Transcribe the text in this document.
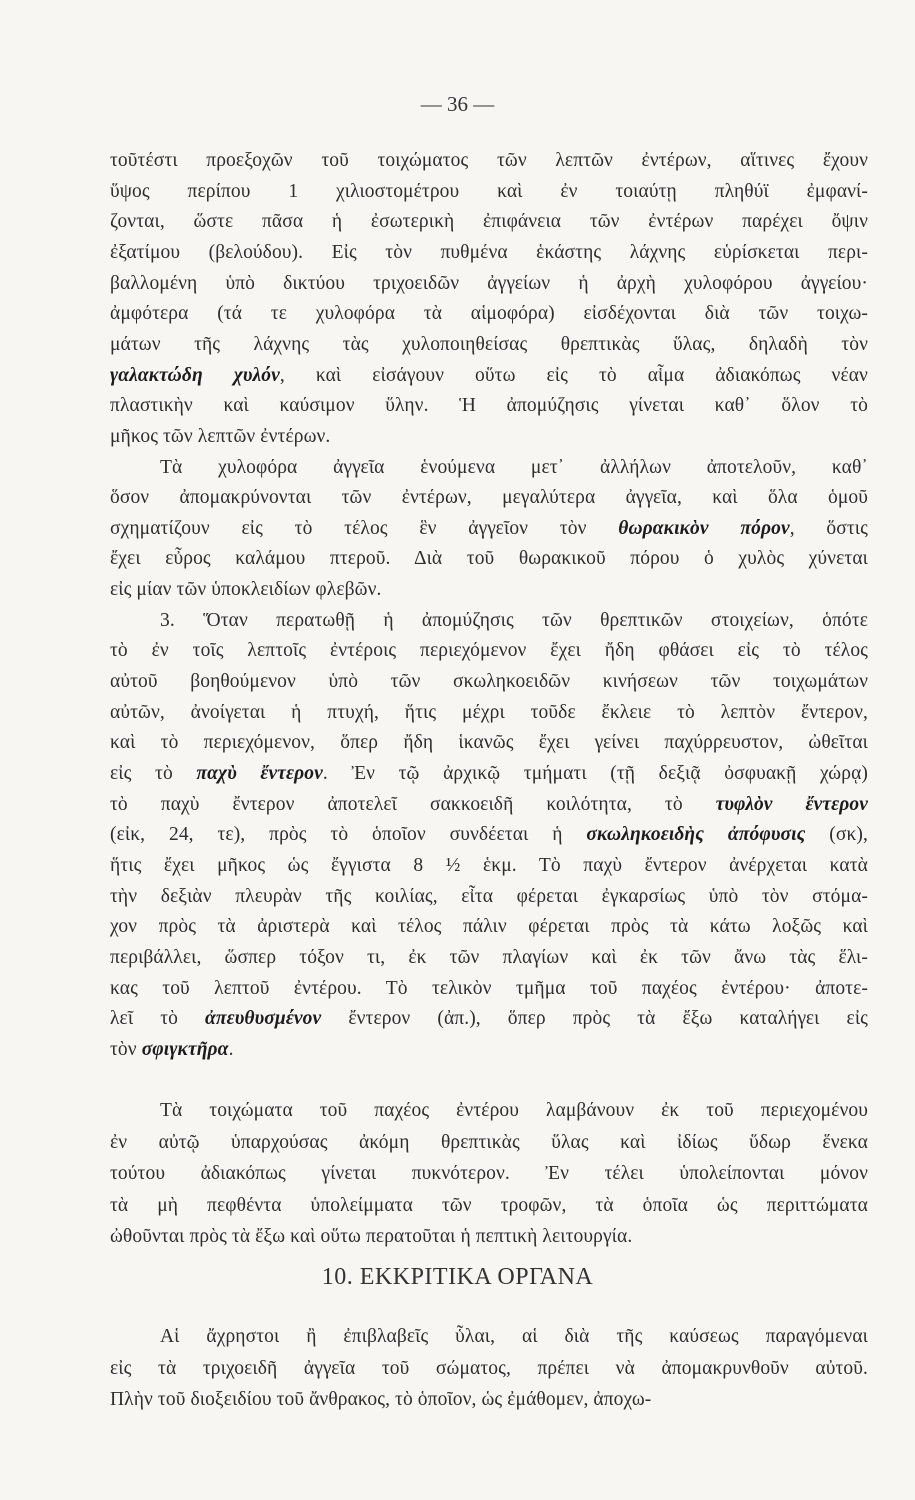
— 36 —
τοῦτέστι προεξοχῶν τοῦ τοιχώματος τῶν λεπτῶν ἐντέρων, αἵτινες ἔχουν
ὕψος περίπου 1 χιλιοστομέτρου καὶ ἐν τοιαύτῃ πληθύϊ ἐμφανί-
ζονται, ὥστε πᾶσα ἡ ἐσωτερικὴ ἐπιφάνεια τῶν ἐντέρων παρέχει ὄψιν
ἐξατίμου (βελούδου). Εἰς τὸν πυθμένα ἑκάστης λάχνης εὑρίσκεται περι-
βαλλομένη ὑπὸ δικτύου τριχοειδῶν ἀγγείων ἡ ἀρχὴ χυλοφόρου ἀγγείου·
ἀμφότερα (τά τε χυλοφόρα τὰ αἱμοφόρα) εἰσδέχονται διὰ τῶν τοιχω-
μάτων τῆς λάχνης τὰς χυλοποιηθείσας θρεπτικὰς ὕλας, δηλαδὴ τὸν
γαλακτώδη χυλόν, καὶ εἰσάγουν οὕτω εἰς τὸ αἷμα ἀδιακόπως νέαν
πλαστικὴν καὶ καύσιμον ὕλην. Ἡ ἀπομύζησις γίνεται καθ᾽ ὅλον τὸ
μῆκος τῶν λεπτῶν ἐντέρων.
Τὰ χυλοφόρα ἀγγεῖα ἑνούμενα μετ᾽ ἀλλήλων ἀποτελοῦν, καθ᾽
ὅσον ἀπομακρύνονται τῶν ἐντέρων, μεγαλύτερα ἀγγεῖα, καὶ ὅλα ὁμοῦ
σχηματίζουν εἰς τὸ τέλος ἓν ἀγγεῖον τὸν θωρακικὸν πόρον, ὅστις
ἔχει εὖρος καλάμου πτεροῦ. Διὰ τοῦ θωρακικοῦ πόρου ὁ χυλὸς χύνεται
εἰς μίαν τῶν ὑποκλειδίων φλεβῶν.
3. Ὅταν περατωθῇ ἡ ἀπομύζησις τῶν θρεπτικῶν στοιχείων, ὁπότε
τὸ ἐν τοῖς λεπτοῖς ἐντέροις περιεχόμενον ἔχει ἤδη φθάσει εἰς τὸ τέλος
αὐτοῦ βοηθούμενον ὑπὸ τῶν σκωληκοειδῶν κινήσεων τῶν τοιχωμάτων
αὐτῶν, ἀνοίγεται ἡ πτυχή, ἥτις μέχρι τοῦδε ἔκλειε τὸ λεπτὸν ἔντερον,
καὶ τὸ περιεχόμενον, ὅπερ ἤδη ἱκανῶς ἔχει γείνει παχύρρευστον, ὠθεῖται
εἰς τὸ παχὺ ἔντερον. Ἐν τῷ ἀρχικῷ τμήματι (τῇ δεξιᾷ ὀσφυακῇ χώρᾳ)
τὸ παχὺ ἔντερον ἀποτελεῖ σακκοειδῆ κοιλότητα, τὸ τυφλὸν ἔντερον
(εἰκ, 24, τε), πρὸς τὸ ὁποῖον συνδέεται ἡ σκωληκοειδὴς ἀπόφυσις (σκ),
ἥτις ἔχει μῆκος ὡς ἔγγιστα 8 ½ ἑκμ. Τὸ παχὺ ἔντερον ἀνέρχεται κατὰ
τὴν δεξιὰν πλευρὰν τῆς κοιλίας, εἶτα φέρεται ἐγκαρσίως ὑπὸ τὸν στόμα-
χον πρὸς τὰ ἀριστερὰ καὶ τέλος πάλιν φέρεται πρὸς τὰ κάτω λοξῶς καὶ
περιβάλλει, ὥσπερ τόξον τι, ἐκ τῶν πλαγίων καὶ ἐκ τῶν ἄνω τὰς ἕλι-
κας τοῦ λεπτοῦ ἐντέρου. Τὸ τελικὸν τμῆμα τοῦ παχέος ἐντέρου· ἀποτε-
λεῖ τὸ ἀπευθυσμένον ἔντερον (ἀπ.), ὅπερ πρὸς τὰ ἔξω καταλήγει εἰς
τὸν σφιγκτῆρα.
Τὰ τοιχώματα τοῦ παχέος ἐντέρου λαμβάνουν ἐκ τοῦ περιεχομένου
ἐν αὐτῷ ὑπαρχούσας ἀκόμη θρεπτικὰς ὕλας καὶ ἰδίως ὕδωρ ἕνεκα
τούτου ἀδιακόπως γίνεται πυκνότερον. Ἐν τέλει ὑπολείπονται μόνον
τὰ μὴ πεφθέντα ὑπολείμματα τῶν τροφῶν, τὰ ὁποῖα ὡς περιττώματα
ὠθοῦνται πρὸς τὰ ἔξω καὶ οὕτω περατοῦται ἡ πεπτικὴ λειτουργία.
Αἱ ἄχρηστοι ἢ ἐπιβλαβεῖς ὗλαι, αἱ διὰ τῆς καύσεως παραγόμεναι
εἰς τὰ τριχοειδῆ ἀγγεῖα τοῦ σώματος, πρέπει νὰ ἀπομακρυνθοῦν αὐτοῦ.
Πλὴν τοῦ διοξειδίου τοῦ ἄνθρακος, τὸ ὁποῖον, ὡς ἐμάθομεν, ἀποχω-
10. ΕΚΚΡΙΤΙΚΑ ΟΡΓΑΝΑ
